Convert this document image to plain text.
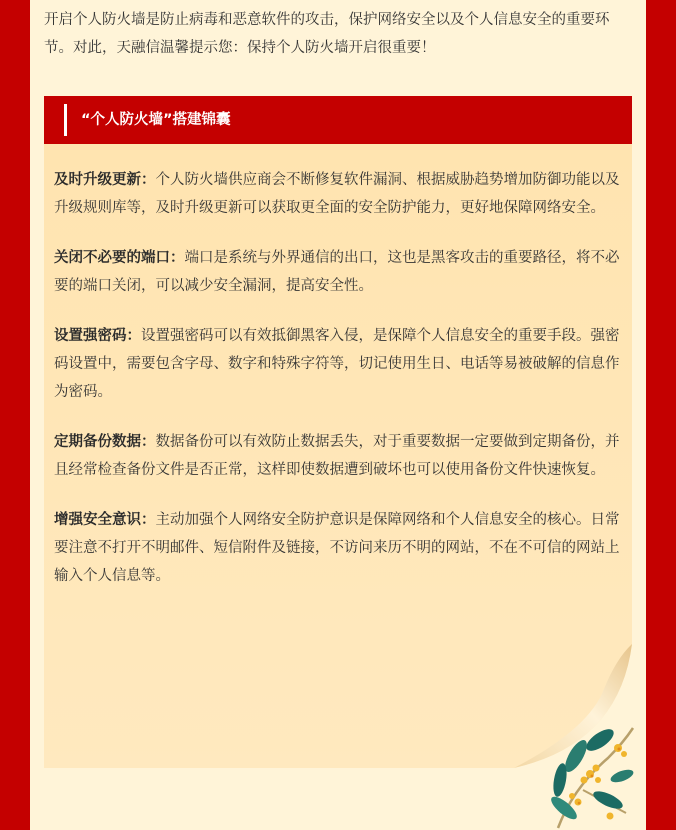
开启个人防火墙是防止病毒和恶意软件的攻击，保护网络安全以及个人信息安全的重要环节。对此，天融信温馨提示您：保持个人防火墙开启很重要！
“个人防火墙”搭建锦囊

及时升级更新：个人防火墙供应商会不断修复软件漏洞、根据威胁趋势增加防御功能以及升级规则库等，及时升级更新可以获取更全面的安全防护能力，更好地保障网络安全。

关闭不必要的端口：端口是系统与外界通信的出口，这也是黑客攻击的重要路径，将不必要的端口关闭，可以减少安全漏洞，提高安全性。

设置强密码：设置强密码可以有效抵御黑客入侵，是保障个人信息安全的重要手段。强密码设置中，需要包含字母、数字和特殊字符等，切记使用生日、电话等易被破解的信息作为密码。

定期备份数据：数据备份可以有效防止数据丢失，对于重要数据一定要做到定期备份，并且经常检查备份文件是否正常，这样即使数据遭到破坏也可以使用备份文件快速恢复。

增强安全意识：主动加强个人网络安全防护意识是保障网络和个人信息安全的核心。日常要注意不打开不明邮件、短信附件及链接，不访问来历不明的网站，不在不可信的网站上输入个人信息等。
